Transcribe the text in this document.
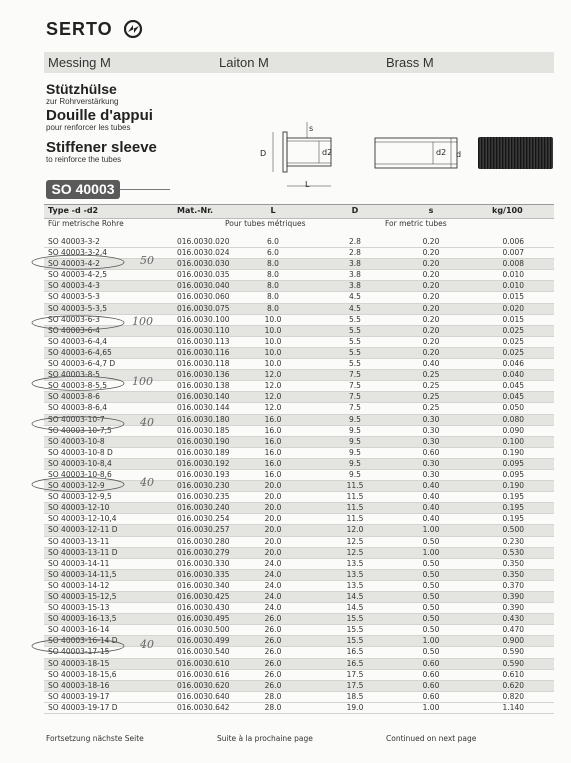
SERTO
Messing M	Laiton M	Brass M
Stützhülse
zur Rohrverstärkung
Douille d'appui
pour renforcer les tubes
Stiffener sleeve
to reinforce the tubes
SO 40003
D
s
d2
L
d2 d
Type -d -d2	Mat.-Nr.	L	D	s	kg/100
Für metrische Rohre	Pour tubes métriques	For metric tubes
SO 40003-3-2	016.0030.020	6.0	2.8	0.20	0.006
SO 40003-3-2,4	016.0030.024	6.0	2.8	0.20	0.007
SO 40003-4-2	016.0030.030	8.0	3.8	0.20	0.008
SO 40003-4-2,5	016.0030.035	8.0	3.8	0.20	0.010
SO 40003-4-3	016.0030.040	8.0	3.8	0.20	0.010
SO 40003-5-3	016.0030.060	8.0	4.5	0.20	0.015
SO 40003-5-3,5	016.0030.075	8.0	4.5	0.20	0.020
SO 40003-6-3	016.0030.100	10.0	5.5	0.20	0.015
SO 40003-6-4	016.0030.110	10.0	5.5	0.20	0.025
SO 40003-6-4,4	016.0030.113	10.0	5.5	0.20	0.025
SO 40003-6-4,65	016.0030.116	10.0	5.5	0.20	0.025
SO 40003-6-4,7 D	016.0030.118	10.0	5.5	0.40	0.046
SO 40003-8-5	016.0030.136	12.0	7.5	0.25	0.040
SO 40003-8-5,5	016.0030.138	12.0	7.5	0.25	0.045
SO 40003-8-6	016.0030.140	12.0	7.5	0.25	0.045
SO 40003-8-6,4	016.0030.144	12.0	7.5	0.25	0.050
SO 40003-10-7	016.0030.180	16.0	9.5	0.30	0.080
SO 40003-10-7,5	016.0030.185	16.0	9.5	0.30	0.090
SO 40003-10-8	016.0030.190	16.0	9.5	0.30	0.100
SO 40003-10-8 D	016.0030.189	16.0	9.5	0.60	0.190
SO 40003-10-8,4	016.0030.192	16.0	9.5	0.30	0.095
SO 40003-10-8,6	016.0030.193	16.0	9.5	0.30	0.095
SO 40003-12-9	016.0030.230	20.0	11.5	0.40	0.190
SO 40003-12-9,5	016.0030.235	20.0	11.5	0.40	0.195
SO 40003-12-10	016.0030.240	20.0	11.5	0.40	0.195
SO 40003-12-10,4	016.0030.254	20.0	11.5	0.40	0.195
SO 40003-12-11 D	016.0030.257	20.0	12.0	1.00	0.500
SO 40003-13-11	016.0030.280	20.0	12.5	0.50	0.230
SO 40003-13-11 D	016.0030.279	20.0	12.5	1.00	0.530
SO 40003-14-11	016.0030.330	24.0	13.5	0.50	0.350
SO 40003-14-11,5	016.0030.335	24.0	13.5	0.50	0.350
SO 40003-14-12	016.0030.340	24.0	13.5	0.50	0.370
SO 40003-15-12,5	016.0030.425	24.0	14.5	0.50	0.390
SO 40003-15-13	016.0030.430	24.0	14.5	0.50	0.390
SO 40003-16-13,5	016.0030.495	26.0	15.5	0.50	0.430
SO 40003-16-14	016.0030.500	26.0	15.5	0.50	0.470
SO 40003-16-14 D	016.0030.499	26.0	15.5	1.00	0.900
SO 40003-17-15	016.0030.540	26.0	16.5	0.50	0.590
SO 40003-18-15	016.0030.610	26.0	16.5	0.60	0.590
SO 40003-18-15,6	016.0030.616	26.0	17.5	0.60	0.610
SO 40003-18-16	016.0030.620	26.0	17.5	0.60	0.620
SO 40003-19-17	016.0030.640	28.0	18.5	0.60	0.820
SO 40003-19-17 D	016.0030.642	28.0	19.0	1.00	1.140
50
100
100
40
40
40
Fortsetzung nächste Seite	Suite à la prochaine page	Continued on next page
